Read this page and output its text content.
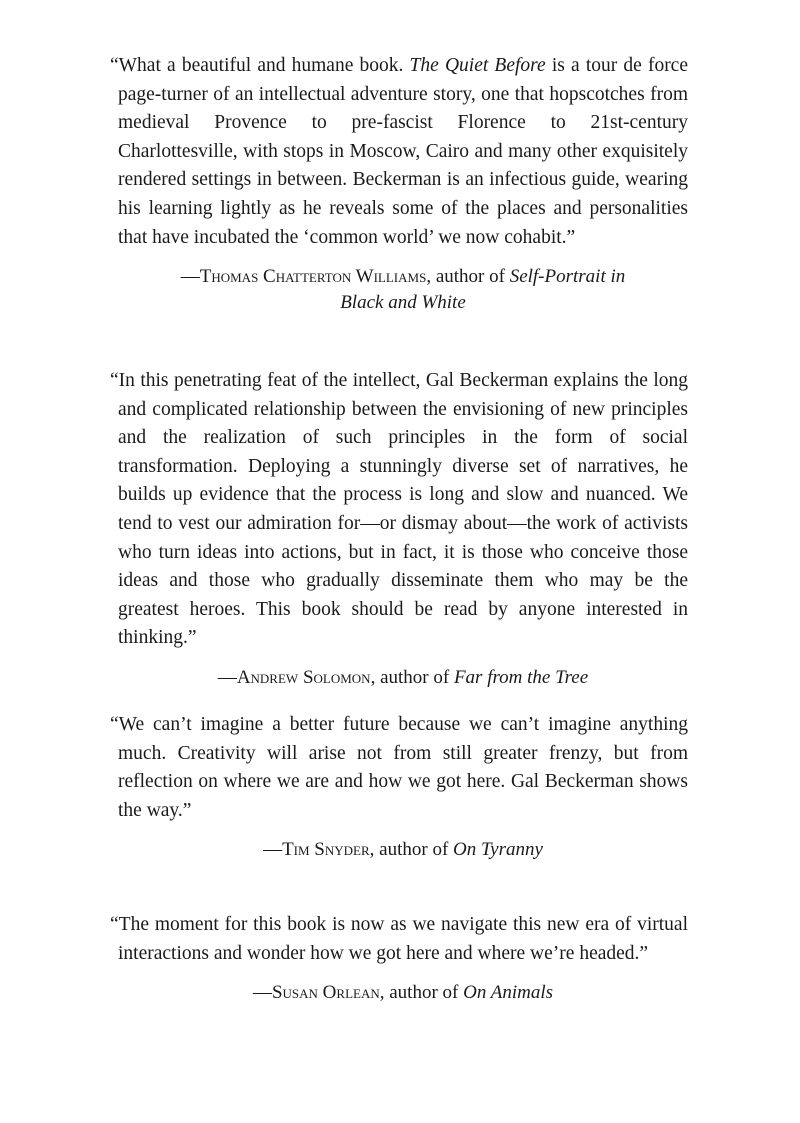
“What a beautiful and humane book. The Quiet Before is a tour de force page-turner of an intellectual adventure story, one that hopscotches from medieval Provence to pre-fascist Florence to 21st-century Charlottesville, with stops in Moscow, Cairo and many other exquisitely rendered settings in between. Beckerman is an infectious guide, wearing his learning lightly as he reveals some of the places and personalities that have incubated the ‘common world’ we now cohabit.”

—Thomas Chatterton Williams, author of Self-Portrait in Black and White

“In this penetrating feat of the intellect, Gal Beckerman explains the long and complicated relationship between the envisioning of new principles and the realization of such principles in the form of social transformation. Deploying a stunningly diverse set of narratives, he builds up evidence that the process is long and slow and nuanced. We tend to vest our admiration for—or dismay about—the work of activists who turn ideas into actions, but in fact, it is those who conceive those ideas and those who gradually disseminate them who may be the greatest heroes. This book should be read by anyone interested in thinking.”

—Andrew Solomon, author of Far from the Tree

“We can’t imagine a better future because we can’t imagine anything much. Creativity will arise not from still greater frenzy, but from reflection on where we are and how we got here. Gal Beckerman shows the way.”

—Tim Snyder, author of On Tyranny

“The moment for this book is now as we navigate this new era of virtual interactions and wonder how we got here and where we’re headed.”

—Susan Orlean, author of On Animals
